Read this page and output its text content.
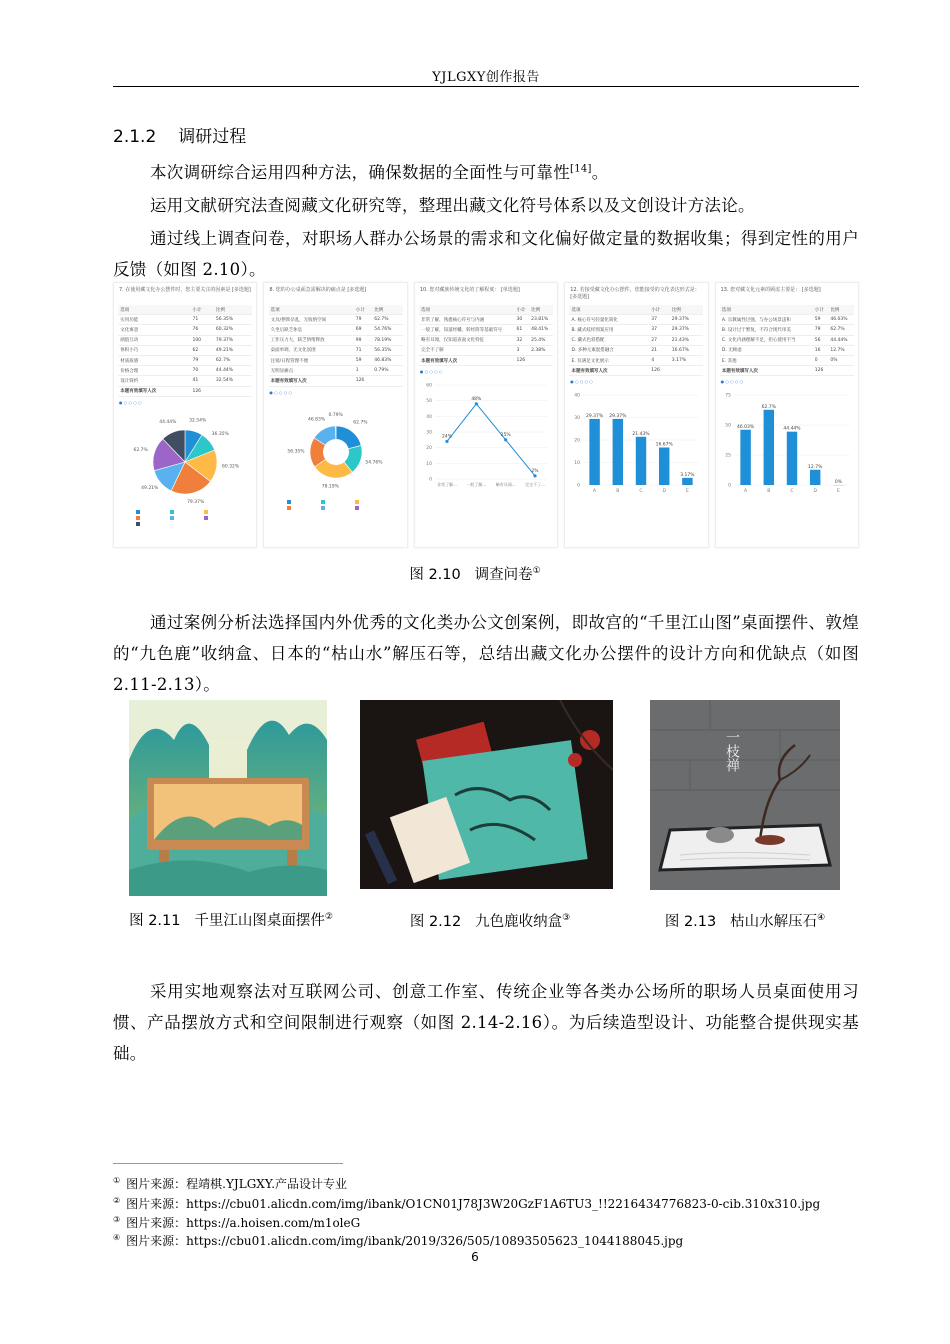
YJLGXY创作报告
2.1.2 调研过程
本次调研综合运用四种方法，确保数据的全面性与可靠性[14]。
运用文献研究法查阅藏文化研究等，整理出藏文化符号体系以及文创设计方法论。
通过线上调查问卷，对职场人群办公场景的需求和文化偏好做定量的数据收集；得到定性的用户反馈（如图 2.10）。
7. 在使用藏文化办公摆件时，您主要关注的因素是 [多选题]
选项	小计	比例
实用功能	71	56.35%
文化寓意	76	60.32%
颜值互动	100	79.37%
体积小巧	62	49.21%
材质质感	79	62.7%
价格合理	70	44.44%
设计简约	41	32.54%
本题有效填写人次	126	
● ○ ○ ○ ○
32.54%
36.35%
60.32%
79.37%
49.21%
62.7%
44.44%
8. 您的办公桌面急需解决的痛点是 [多选题]
选项	小计	比例
文具/摆饰杂乱，无收纳空间	79	62.7%
久坐后缺乏休息	69	54.76%
工作压力大，缺乏情绪释放	99	78.19%
桌面单调，无文化氛围	71	56.35%
注销/日程管理不便	59	46.83%
无明显痛点	1	0.79%
本题有效填写人次	126	
● ○ ○ ○ ○
62.7%
54.76%
78.19%
56.35%
46.83%
0.79%
10. 您对藏族传统文化的了解程度： [单选题]
选项	小计	比例
非常了解，熟悉核心符号与内涵	30	23.81%
一般了解，知道经幡、转经筒等基础符号	61	48.41%
略有耳闻，仅知道表面文化特征	32	25.4%
完全不了解	3	2.38%
本题有效填写人次	126	
● ○ ○ ○ ○
60
50
40
30
20
10
0
24%
非常了解...
48%
一般了解...
25%
略有耳闻...
2%
完全不了...
12. 若接受藏文化办公摆件，您能接受的文化表达形式是： [多选题]
选项	小计	比例
A. 核心符号轻量化简化	37	29.37%
B. 藏式纹样图案应用	37	29.37%
C. 藏式色彩搭配	27	21.43%
D. 多种元素混搭融合	21	16.67%
E. 仅满足文化展示	4	3.17%
本题有效填写人次	126	
● ○ ○ ○ ○
40
30
20
10
0
29.37%
A
29.37%
B
21.43%
C
16.67%
D
3.17%
E
13. 您对藏文化元素的顾虑主要是： [多选题]
选项	小计	比例
A. 宗教属性过强，与办公场景违和	59	46.03%
B. 设计过于繁复，不符合现代审美	79	62.7%
C. 文化内涵理解不足，担心使用不当	56	44.44%
D. 无顾虑	16	12.7%
E. 其他	0	0%
本题有效填写人次	126	
● ○ ○ ○ ○
75
50
25
0
46.03%
A
62.7%
B
44.44%
C
12.7%
D
0%
E
图 2.10 调查问卷①
通过案例分析法选择国内外优秀的文化类办公文创案例，即故宫的“千里江山图”桌面摆件、敦煌的“九色鹿”收纳盒、日本的“枯山水”解压石等，总结出藏文化办公摆件的设计方向和优缺点（如图 2.11-2.13）。
一枝禅
图 2.11 千里江山图桌面摆件②	图 2.12 九色鹿收纳盒③	图 2.13 枯山水解压石④
采用实地观察法对互联网公司、创意工作室、传统企业等各类办公场所的职场人员桌面使用习惯、产品摆放方式和空间限制进行观察（如图 2.14-2.16）。为后续造型设计、功能整合提供现实基础。
① 图片来源：程靖棋.YJLGXY.产品设计专业
② 图片来源：https://cbu01.alicdn.com/img/ibank/O1CN01J78J3W20GzF1A6TU3_!!2216434776823-0-cib.310x310.jpg
③ 图片来源：https://a.hoisen.com/m1oleG
④ 图片来源：https://cbu01.alicdn.com/img/ibank/2019/326/505/10893505623_1044188045.jpg
6
